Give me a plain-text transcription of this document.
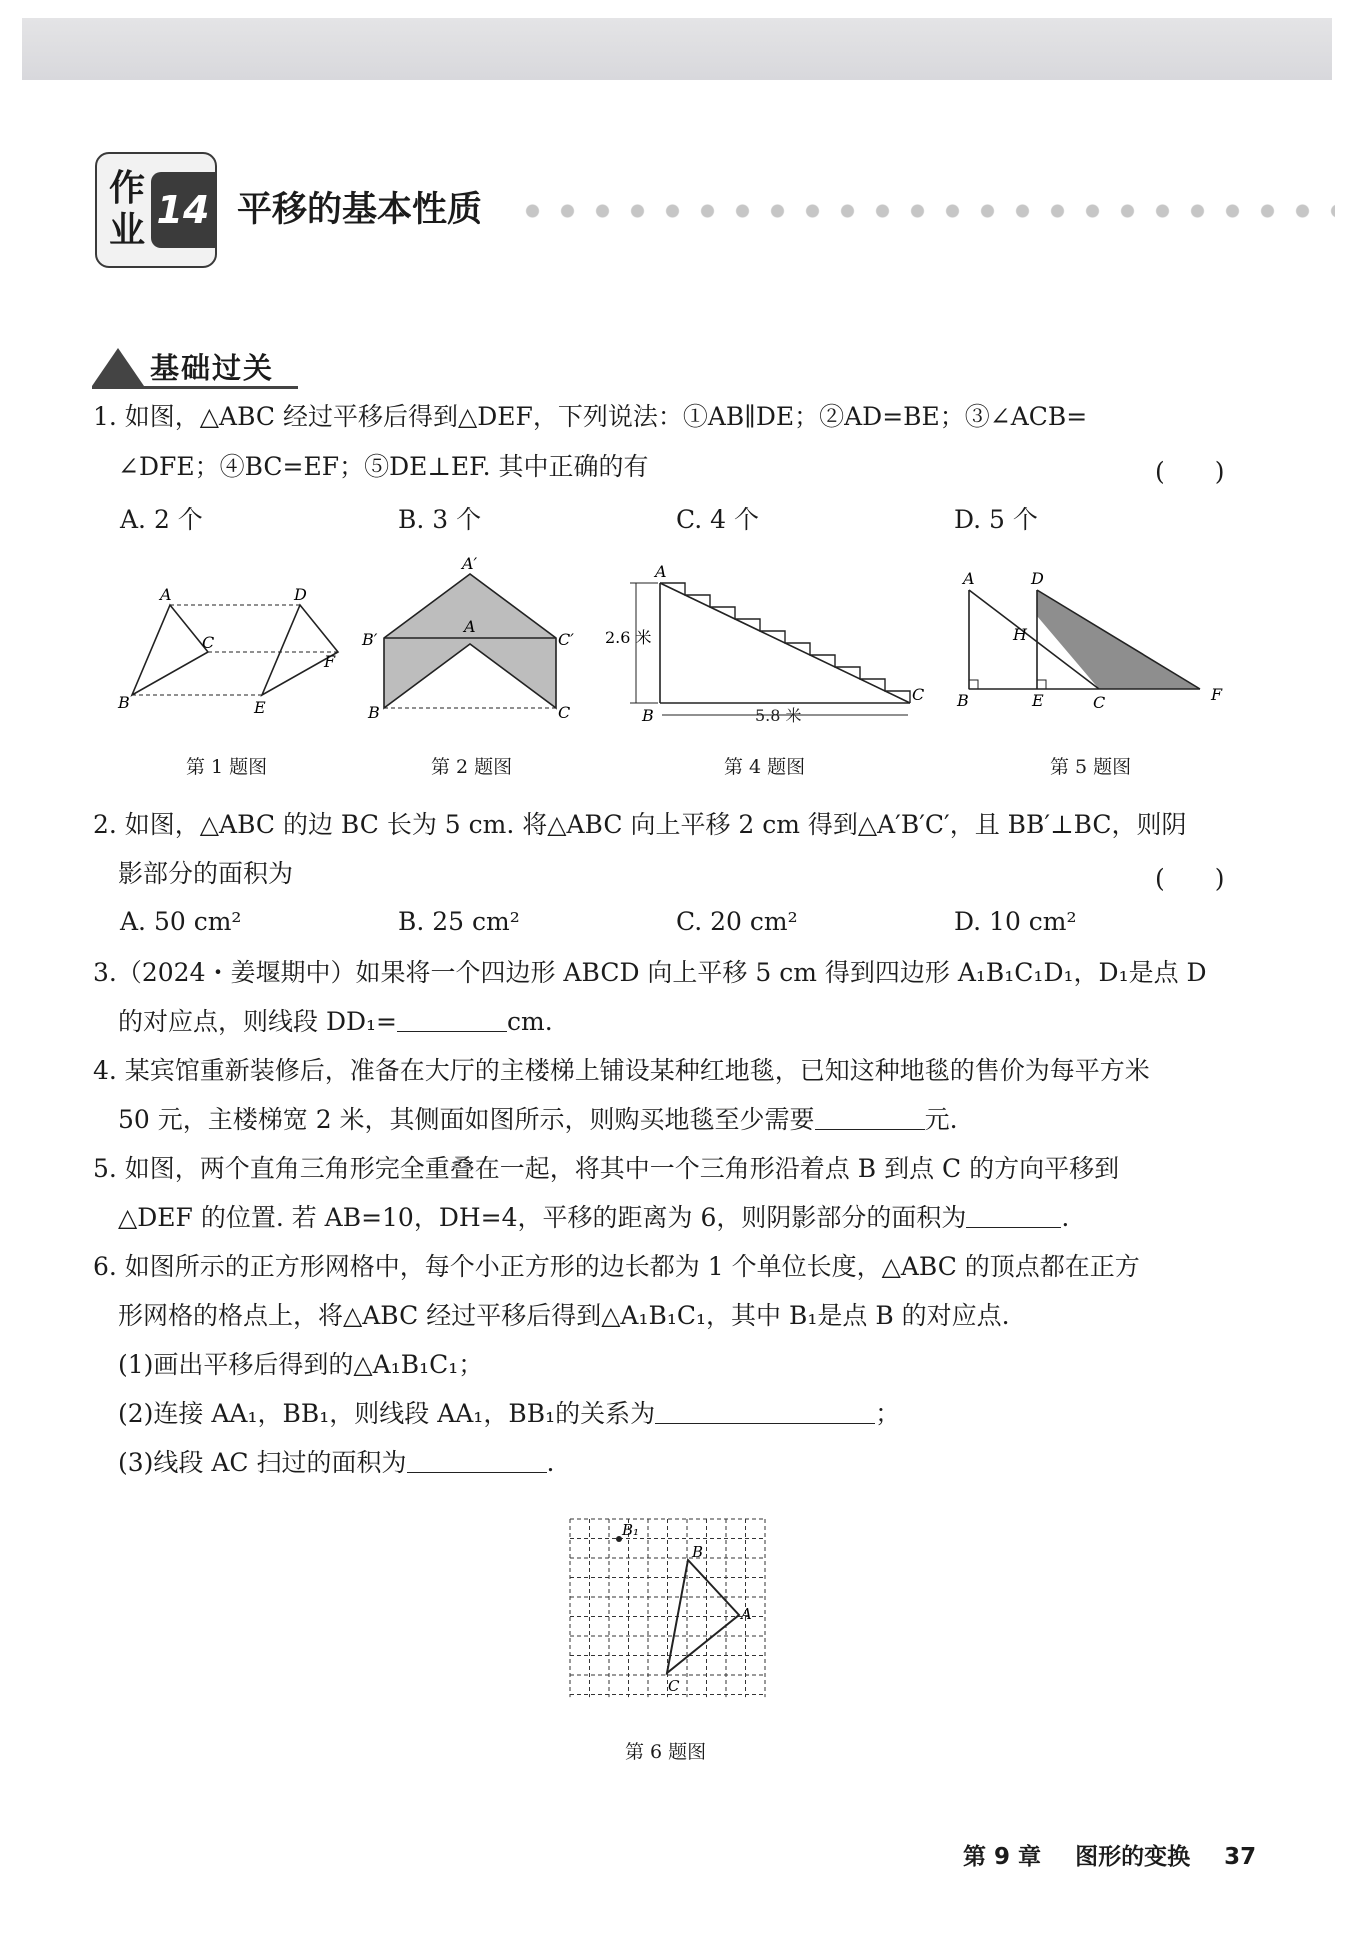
作
业 14 平移的基本性质
基础过关
1. 如图，△ABC 经过平移后得到△DEF，下列说法：①AB∥DE；②AD=BE；③∠ACB=
∠DFE；④BC=EF；⑤DE⊥EF. 其中正确的有	(　　)
A. 2 个	B. 3 个	C. 4 个	D. 5 个
A	D
C
F
B	E
第 1 题图
A′
A
B′	C′
B	C
第 2 题图
A
2.6 米
B	5.8 米
C
第 4 题图
A	D
H
B	E	C	F
第 5 题图
2. 如图，△ABC 的边 BC 长为 5 cm. 将△ABC 向上平移 2 cm 得到△A′B′C′，且 BB′⊥BC，则阴
影部分的面积为	(　　)
A. 50 cm²	B. 25 cm²	C. 20 cm²	D. 10 cm²
3.（2024・姜堰期中）如果将一个四边形 ABCD 向上平移 5 cm 得到四边形 A₁B₁C₁D₁，D₁是点 D
的对应点，则线段 DD₁=	cm.
4. 某宾馆重新装修后，准备在大厅的主楼梯上铺设某种红地毯，已知这种地毯的售价为每平方米
50 元，主楼梯宽 2 米，其侧面如图所示，则购买地毯至少需要	元.
5. 如图，两个直角三角形完全重叠在一起，将其中一个三角形沿着点 B 到点 C 的方向平移到
△DEF 的位置. 若 AB=10，DH=4，平移的距离为 6，则阴影部分的面积为	.
6. 如图所示的正方形网格中，每个小正方形的边长都为 1 个单位长度，△ABC 的顶点都在正方
形网格的格点上，将△ABC 经过平移后得到△A₁B₁C₁，其中 B₁是点 B 的对应点.
(1)画出平移后得到的△A₁B₁C₁；
(2)连接 AA₁，BB₁，则线段 AA₁，BB₁的关系为	；
(3)线段 AC 扫过的面积为	.
B₁
B
A
C
第 6 题图
第 9 章 图形的变换 37
